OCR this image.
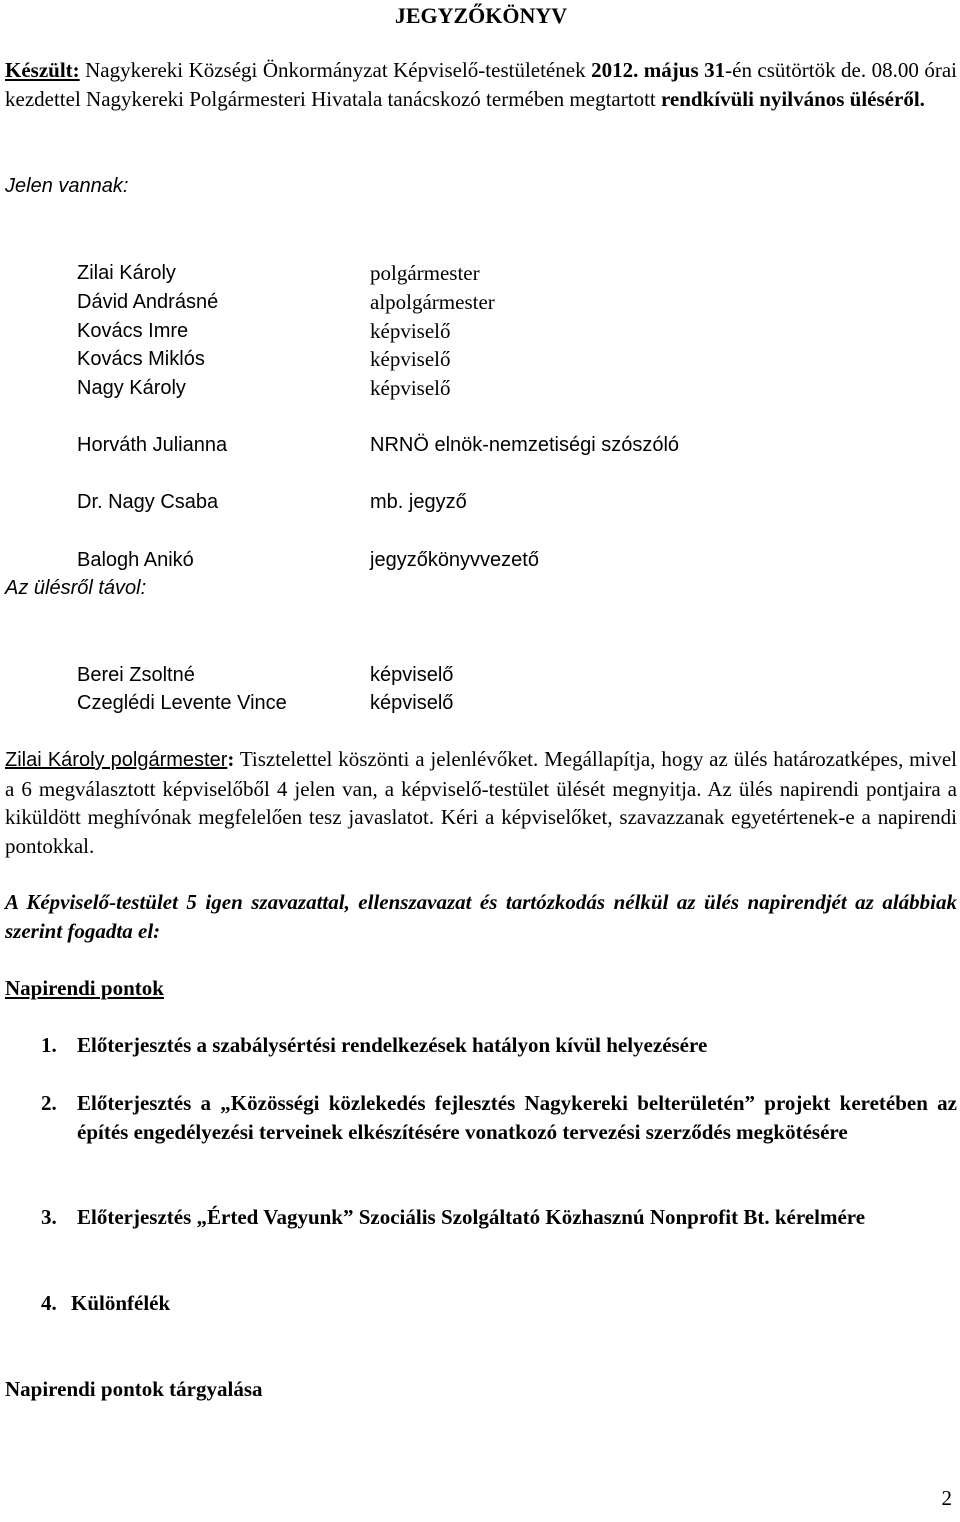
JEGYZŐKÖNYV
Készült: Nagykereki Községi Önkormányzat Képviselő-testületének 2012. május 31-én csütörtök de. 08.00 órai kezdettel Nagykereki Polgármesteri Hivatala tanácskozó termében megtartott rendkívüli nyilvános üléséről.
Jelen vannak:
Zilai Károly	polgármester
Dávid Andrásné	alpolgármester
Kovács Imre	képviselő
Kovács Miklós	képviselő
Nagy Károly	képviselő
Horváth Julianna	NRNÖ elnök-nemzetiségi szószóló
Dr. Nagy Csaba	mb. jegyző
Balogh Anikó	jegyzőkönyvvezető
Az ülésről távol:
Berei Zsoltné	képviselő
Czeglédi Levente Vince	képviselő
Zilai Károly polgármester: Tisztelettel köszönti a jelenlévőket. Megállapítja, hogy az ülés határozatképes, mivel a 6 megválasztott képviselőből 4 jelen van, a képviselő-testület ülését megnyitja. Az ülés napirendi pontjaira a kiküldött meghívónak megfelelően tesz javaslatot. Kéri a képviselőket, szavazzanak egyetértenek-e a napirendi pontokkal.
A Képviselő-testület 5 igen szavazattal, ellenszavazat és tartózkodás nélkül az ülés napirendjét az alábbiak szerint fogadta el:
Napirendi pontok
1. Előterjesztés a szabálysértési rendelkezések hatályon kívül helyezésére
2. Előterjesztés a „Közösségi közlekedés fejlesztés Nagykereki belterületén” projekt keretében az építés engedélyezési terveinek elkészítésére vonatkozó tervezési szerződés megkötésére
3. Előterjesztés „Érted Vagyunk” Szociális Szolgáltató Közhasznú Nonprofit Bt. kérelmére
4. Különfélék
Napirendi pontok tárgyalása
2
